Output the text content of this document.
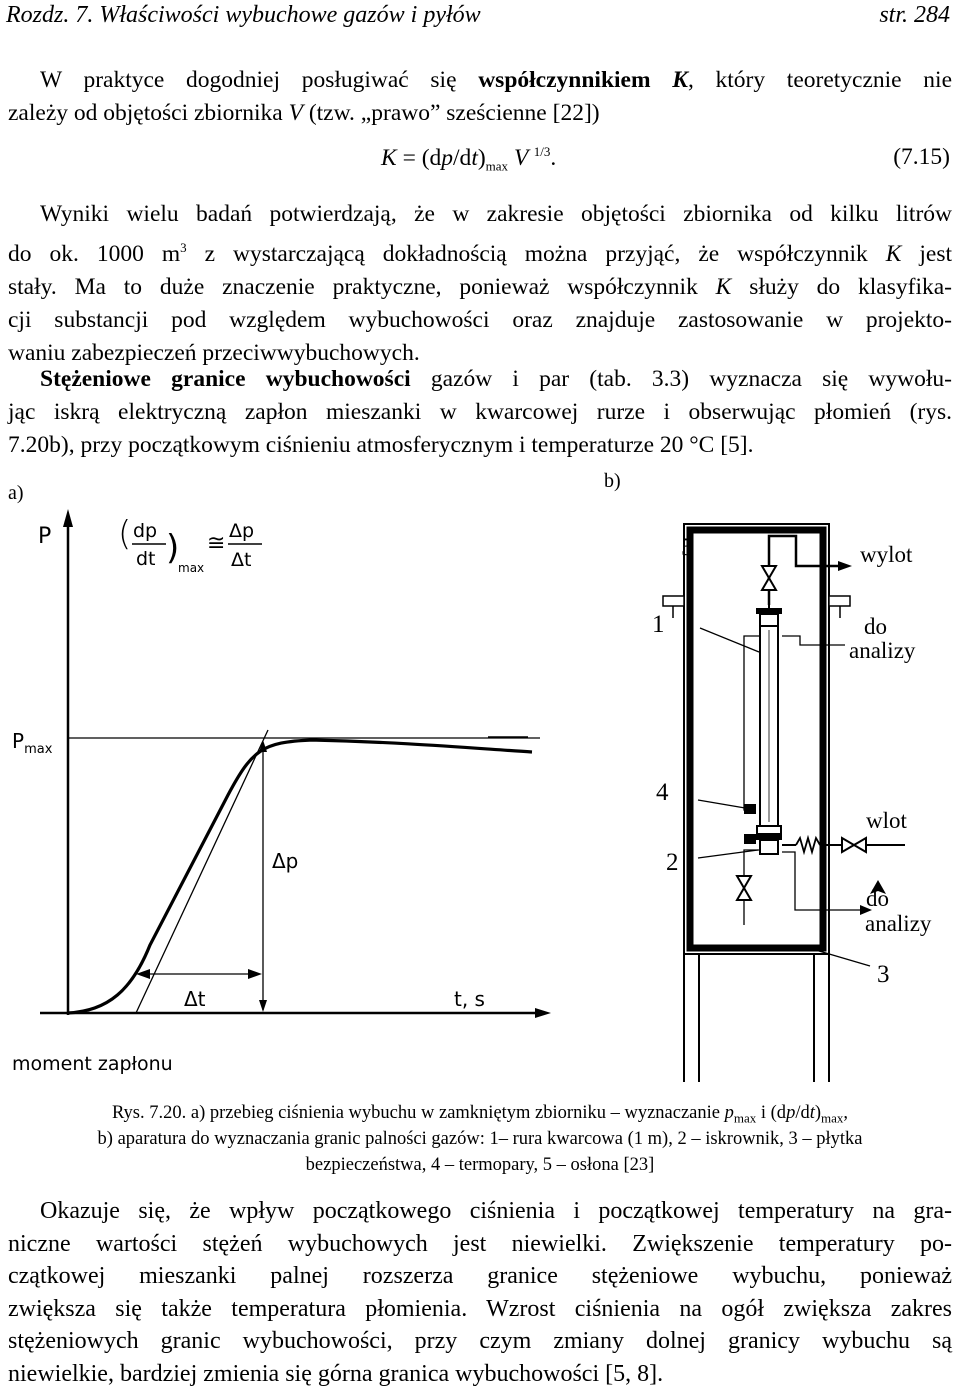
Rozdz. 7. Właściwości wybuchowe gazów i pyłów	str. 284
W praktyce dogodniej posługiwać się współczynnikiem K, który teoretycznie nie
zależy od objętości zbiornika V (tzw. „prawo” sześcienne [22])
$K = (dp/dt)_{max}$ V $^{1/3}$.	(7.15)
Wyniki wielu badań potwierdzają, że w zakresie objętości zbiornika od kilku litrów
do ok. 1000 $m^3$ z wystarczającą dokładnością można przyjąć, że współczynnik K jest
stały. Ma to duże znaczenie praktyczne, ponieważ współczynnik K służy do klasyfika-
cji substancji pod względem wybuchowości oraz znajduje zastosowanie w projekto-
waniu zabezpieczeń przeciwwybuchowych.
Stężeniowe granice wybuchowości gazów i par (tab. 3.3) wyznacza się wywołu-
jąc iskrą elektryczną zapłon mieszanki w kwarcowej rurze i obserwując płomień (rys.
7.20b), przy początkowym ciśnieniu atmosferycznym i temperaturze 20 °C [5].
a)
b)
P
$P_{max}$
( dp
dt )
max
≅ Δp
Δt
Δp
Δt	t, s
moment zapłonu
5
1
4
2
3
wylot
do
analizy
wlot
do
analizy
Rys. 7.20. a) przebieg ciśnienia wybuchu w zamkniętym zbiorniku – wyznaczanie $p_{max}$ i $(dp/dt)_{max}$,
b) aparatura do wyznaczania granic palności gazów: 1– rura kwarcowa (1 m), 2 – iskrownik, 3 – płytka
bezpieczeństwa, 4 – termopary, 5 – osłona [23]
Okazuje się, że wpływ początkowego ciśnienia i początkowej temperatury na gra-
niczne wartości stężeń wybuchowych jest niewielki. Zwiększenie temperatury po-
czątkowej mieszanki palnej rozszerza granice stężeniowe wybuchu, ponieważ
zwiększa się także temperatura płomienia. Wzrost ciśnienia na ogół zwiększa zakres
stężeniowych granic wybuchowości, przy czym zmiany dolnej granicy wybuchu są
niewielkie, bardziej zmienia się górna granica wybuchowości [5, 8].
